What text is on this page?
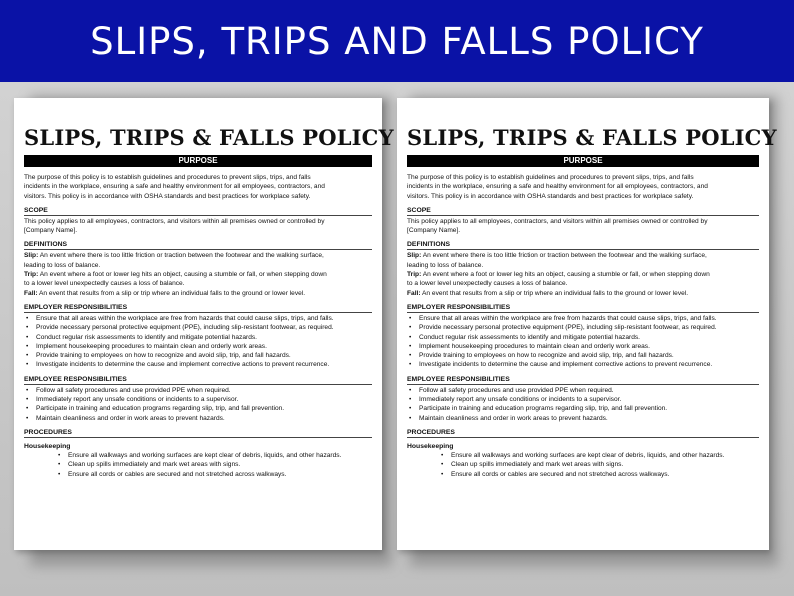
SLIPS, TRIPS AND FALLS POLICY
SLIPS, TRIPS & FALLS POLICY
PURPOSE
The purpose of this policy is to establish guidelines and procedures to prevent slips, trips, and falls
incidents in the workplace, ensuring a safe and healthy environment for all employees, contractors, and
visitors. This policy is in accordance with OSHA standards and best practices for workplace safety.
SCOPE
This policy applies to all employees, contractors, and visitors within all premises owned or controlled by
[Company Name].
DEFINITIONS
Slip: An event where there is too little friction or traction between the footwear and the walking surface,
leading to loss of balance.
Trip: An event where a foot or lower leg hits an object, causing a stumble or fall, or when stepping down
to a lower level unexpectedly causes a loss of balance.
Fall: An event that results from a slip or trip where an individual falls to the ground or lower level.
EMPLOYER RESPONSIBILITIES
• Ensure that all areas within the workplace are free from hazards that could cause slips, trips, and falls.
• Provide necessary personal protective equipment (PPE), including slip-resistant footwear, as required.
• Conduct regular risk assessments to identify and mitigate potential hazards.
• Implement housekeeping procedures to maintain clean and orderly work areas.
• Provide training to employees on how to recognize and avoid slip, trip, and fall hazards.
• Investigate incidents to determine the cause and implement corrective actions to prevent recurrence.
EMPLOYEE RESPONSIBILITIES
• Follow all safety procedures and use provided PPE when required.
• Immediately report any unsafe conditions or incidents to a supervisor.
• Participate in training and education programs regarding slip, trip, and fall prevention.
• Maintain cleanliness and order in work areas to prevent hazards.
PROCEDURES
Housekeeping
• Ensure all walkways and working surfaces are kept clear of debris, liquids, and other hazards.
• Clean up spills immediately and mark wet areas with signs.
• Ensure all cords or cables are secured and not stretched across walkways.
SLIPS, TRIPS & FALLS POLICY
PURPOSE
The purpose of this policy is to establish guidelines and procedures to prevent slips, trips, and falls
incidents in the workplace, ensuring a safe and healthy environment for all employees, contractors, and
visitors. This policy is in accordance with OSHA standards and best practices for workplace safety.
SCOPE
This policy applies to all employees, contractors, and visitors within all premises owned or controlled by
[Company Name].
DEFINITIONS
Slip: An event where there is too little friction or traction between the footwear and the walking surface,
leading to loss of balance.
Trip: An event where a foot or lower leg hits an object, causing a stumble or fall, or when stepping down
to a lower level unexpectedly causes a loss of balance.
Fall: An event that results from a slip or trip where an individual falls to the ground or lower level.
EMPLOYER RESPONSIBILITIES
• Ensure that all areas within the workplace are free from hazards that could cause slips, trips, and falls.
• Provide necessary personal protective equipment (PPE), including slip-resistant footwear, as required.
• Conduct regular risk assessments to identify and mitigate potential hazards.
• Implement housekeeping procedures to maintain clean and orderly work areas.
• Provide training to employees on how to recognize and avoid slip, trip, and fall hazards.
• Investigate incidents to determine the cause and implement corrective actions to prevent recurrence.
EMPLOYEE RESPONSIBILITIES
• Follow all safety procedures and use provided PPE when required.
• Immediately report any unsafe conditions or incidents to a supervisor.
• Participate in training and education programs regarding slip, trip, and fall prevention.
• Maintain cleanliness and order in work areas to prevent hazards.
PROCEDURES
Housekeeping
• Ensure all walkways and working surfaces are kept clear of debris, liquids, and other hazards.
• Clean up spills immediately and mark wet areas with signs.
• Ensure all cords or cables are secured and not stretched across walkways.
